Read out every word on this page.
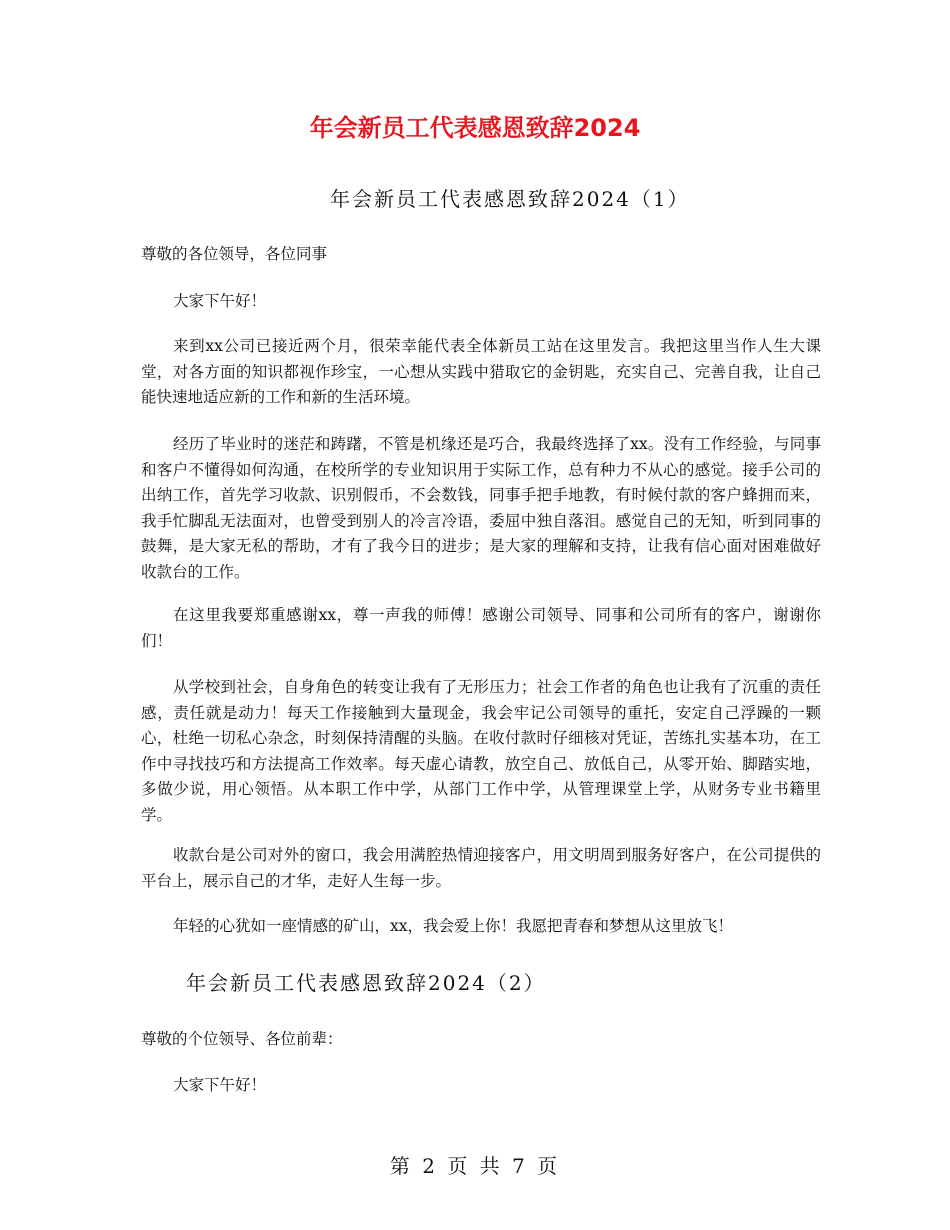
年会新员工代表感恩致辞2024
年会新员工代表感恩致辞2024（1）
尊敬的各位领导，各位同事
大家下午好！
来到xx公司已接近两个月，很荣幸能代表全体新员工站在这里发言。我把这里当作人生大课堂，对各方面的知识都视作珍宝，一心想从实践中猎取它的金钥匙，充实自己、完善自我，让自己能快速地适应新的工作和新的生活环境。
经历了毕业时的迷茫和踌躇，不管是机缘还是巧合，我最终选择了xx。没有工作经验，与同事和客户不懂得如何沟通，在校所学的专业知识用于实际工作，总有种力不从心的感觉。接手公司的出纳工作，首先学习收款、识别假币，不会数钱，同事手把手地教，有时候付款的客户蜂拥而来，我手忙脚乱无法面对，也曾受到别人的冷言冷语，委屈中独自落泪。感觉自己的无知，听到同事的鼓舞，是大家无私的帮助，才有了我今日的进步；是大家的理解和支持，让我有信心面对困难做好收款台的工作。
在这里我要郑重感谢xx，尊一声我的师傅！感谢公司领导、同事和公司所有的客户，谢谢你们！
从学校到社会，自身角色的转变让我有了无形压力；社会工作者的角色也让我有了沉重的责任感，责任就是动力！每天工作接触到大量现金，我会牢记公司领导的重托，安定自己浮躁的一颗心，杜绝一切私心杂念，时刻保持清醒的头脑。在收付款时仔细核对凭证，苦练扎实基本功，在工作中寻找技巧和方法提高工作效率。每天虚心请教，放空自己、放低自己，从零开始、脚踏实地，多做少说，用心领悟。从本职工作中学，从部门工作中学，从管理课堂上学，从财务专业书籍里学。
收款台是公司对外的窗口，我会用满腔热情迎接客户，用文明周到服务好客户，在公司提供的平台上，展示自己的才华，走好人生每一步。
年轻的心犹如一座情感的矿山，xx，我会爱上你！我愿把青春和梦想从这里放飞！
年会新员工代表感恩致辞2024（2）
尊敬的个位领导、各位前辈：
大家下午好！
第 2 页 共 7 页
